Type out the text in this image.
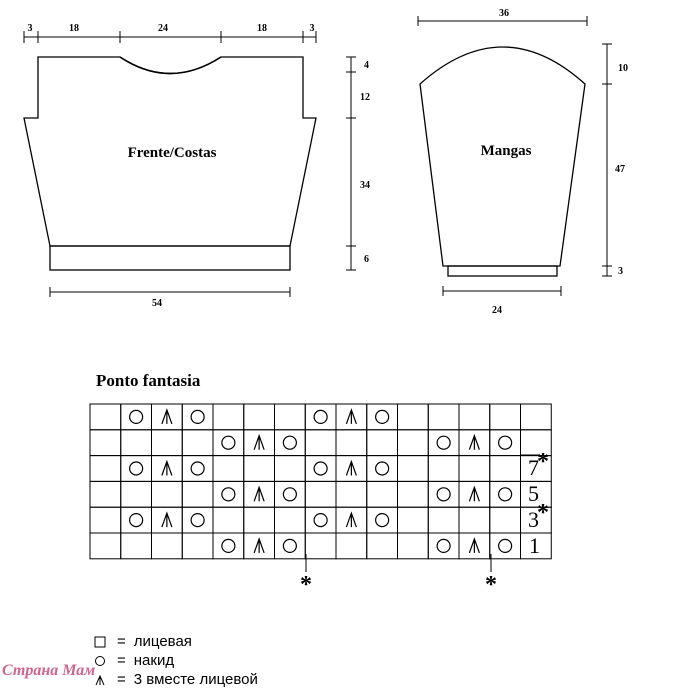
Frente/Costas
3	18	24	18	3
4
12
34
6
54
Mangas
36
10
47
3
24
Ponto fantasia
7
5
3
1
*
*
*	*
= лицевая
= накид
= 3 вместе лицевой
Страна Мам
